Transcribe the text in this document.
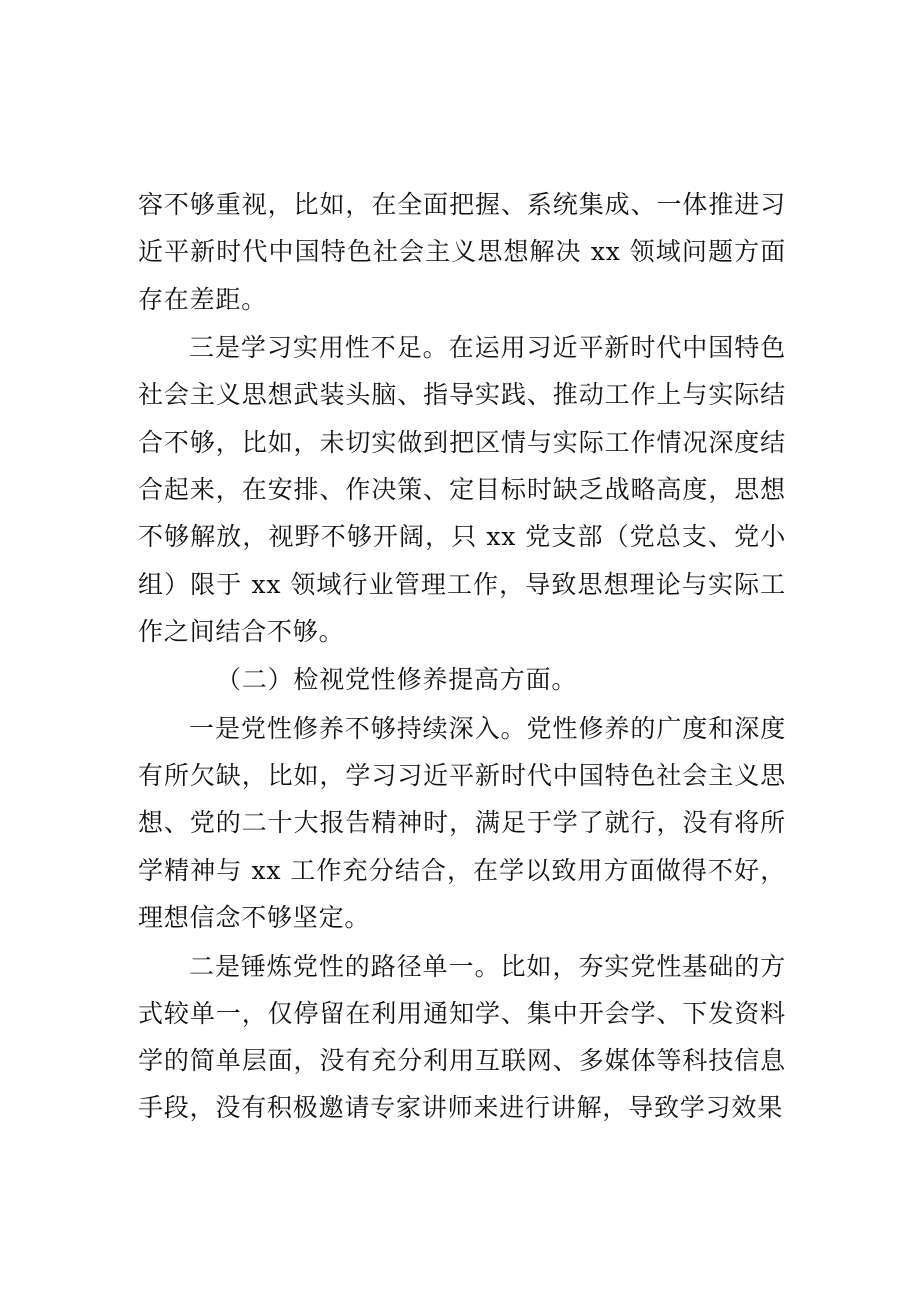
容不够重视，比如，在全面把握、系统集成、一体推进习近平新时代中国特色社会主义思想解决 xx 领域问题方面存在差距。

三是学习实用性不足。在运用习近平新时代中国特色社会主义思想武装头脑、指导实践、推动工作上与实际结合不够，比如，未切实做到把区情与实际工作情况深度结合起来，在安排、作决策、定目标时缺乏战略高度，思想不够解放，视野不够开阔，只 xx 党支部（党总支、党小组）限于 xx 领域行业管理工作，导致思想理论与实际工作之间结合不够。

（二）检视党性修养提高方面。

一是党性修养不够持续深入。党性修养的广度和深度有所欠缺，比如，学习习近平新时代中国特色社会主义思想、党的二十大报告精神时，满足于学了就行，没有将所学精神与 xx 工作充分结合，在学以致用方面做得不好，理想信念不够坚定。

二是锤炼党性的路径单一。比如，夯实党性基础的方式较单一，仅停留在利用通知学、集中开会学、下发资料学的简单层面，没有充分利用互联网、多媒体等科技信息手段，没有积极邀请专家讲师来进行讲解，导致学习效果
